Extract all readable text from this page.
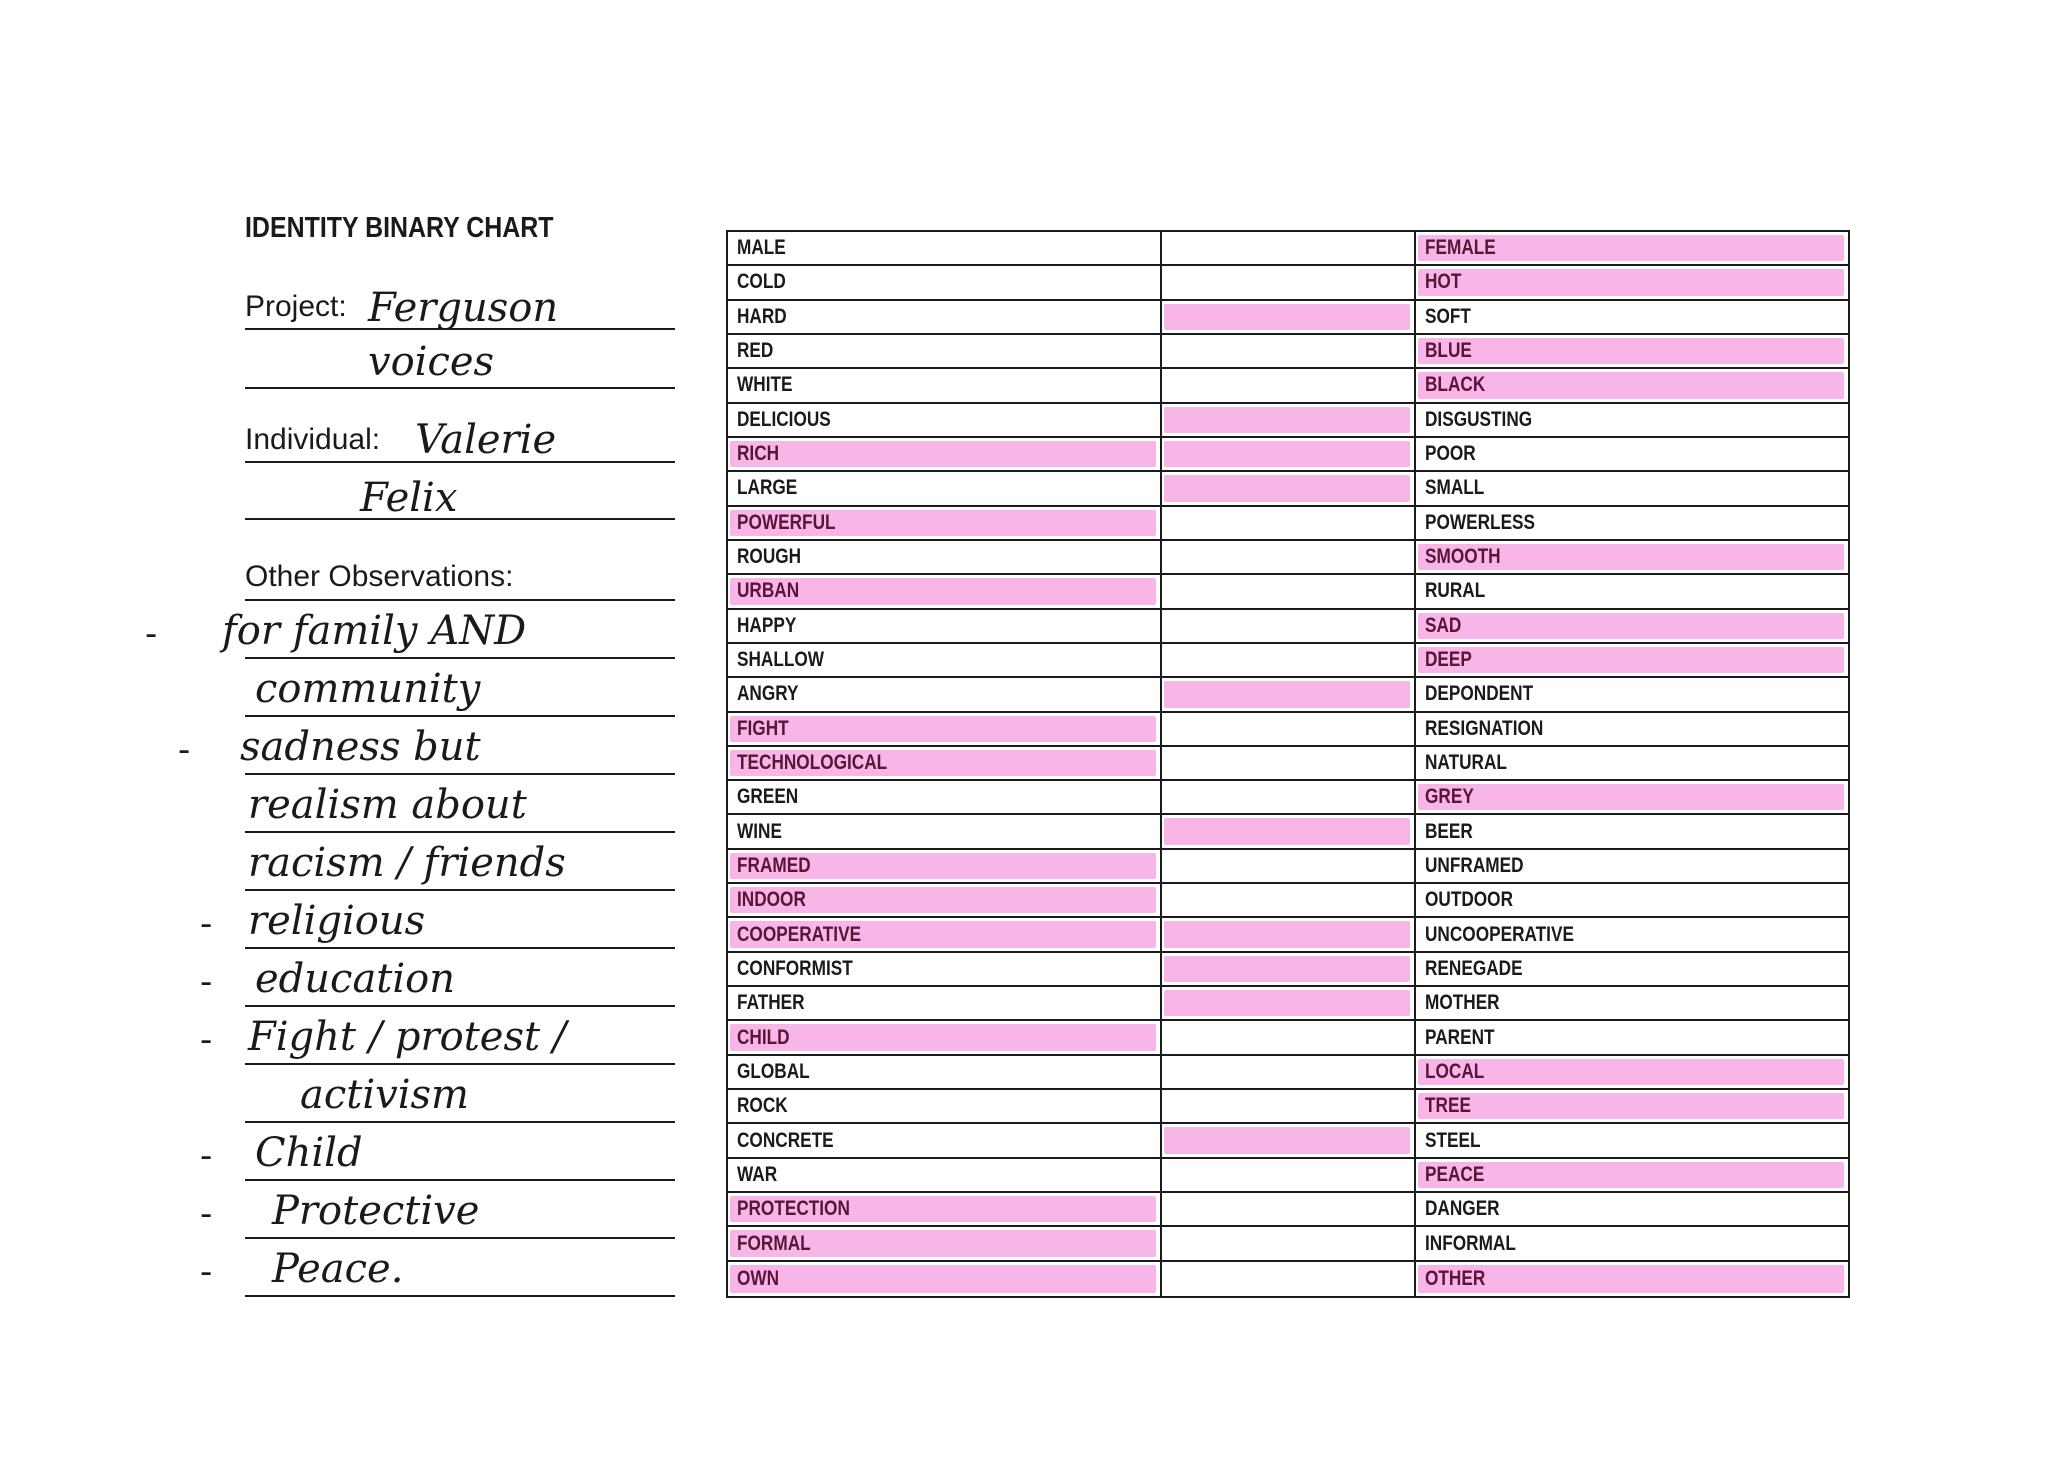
IDENTITY BINARY CHART
Project: Ferguson
voices
Individual: Valerie
Felix
Other Observations:
for family AND
-
community
sadness but
-
realism about
racism / friends
religious
-
education
-
Fight / protest /
-
activism
Child
-
Protective
-
Peace.
-
MALE	FEMALE
COLD	HOT
HARD	SOFT
RED	BLUE
WHITE	BLACK
DELICIOUS	DISGUSTING
RICH	POOR
LARGE	SMALL
POWERFUL	POWERLESS
ROUGH	SMOOTH
URBAN	RURAL
HAPPY	SAD
SHALLOW	DEEP
ANGRY	DEPONDENT
FIGHT	RESIGNATION
TECHNOLOGICAL	NATURAL
GREEN	GREY
WINE	BEER
FRAMED	UNFRAMED
INDOOR	OUTDOOR
COOPERATIVE	UNCOOPERATIVE
CONFORMIST	RENEGADE
FATHER	MOTHER
CHILD	PARENT
GLOBAL	LOCAL
ROCK	TREE
CONCRETE	STEEL
WAR	PEACE
PROTECTION	DANGER
FORMAL	INFORMAL
OWN	OTHER
